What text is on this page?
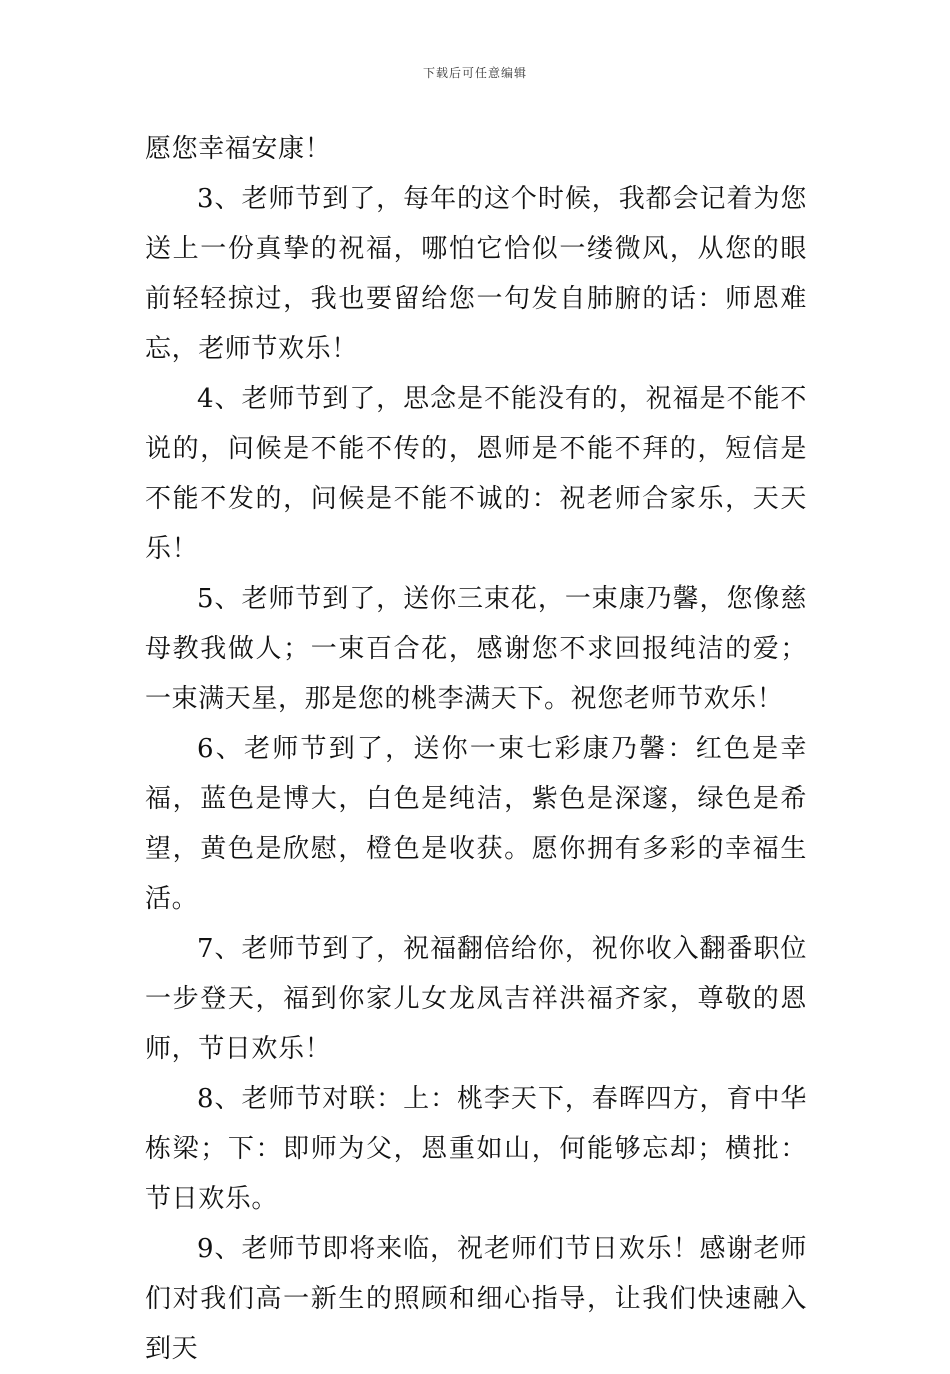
下载后可任意编辑

愿您幸福安康！

3、老师节到了，每年的这个时候，我都会记着为您送上一份真挚的祝福，哪怕它恰似一缕微风，从您的眼前轻轻掠过，我也要留给您一句发自肺腑的话：师恩难忘，老师节欢乐！

4、老师节到了，思念是不能没有的，祝福是不能不说的，问候是不能不传的，恩师是不能不拜的，短信是不能不发的，问候是不能不诚的：祝老师合家乐，天天乐！

5、老师节到了，送你三束花，一束康乃馨，您像慈母教我做人；一束百合花，感谢您不求回报纯洁的爱；一束满天星，那是您的桃李满天下。祝您老师节欢乐！

6、老师节到了，送你一束七彩康乃馨：红色是幸福，蓝色是博大，白色是纯洁，紫色是深邃，绿色是希望，黄色是欣慰，橙色是收获。愿你拥有多彩的幸福生活。

7、老师节到了，祝福翻倍给你，祝你收入翻番职位一步登天，福到你家儿女龙凤吉祥洪福齐家，尊敬的恩师，节日欢乐！

8、老师节对联：上：桃李天下，春晖四方，育中华栋梁；下：即师为父，恩重如山，何能够忘却；横批：节日欢乐。

9、老师节即将来临，祝老师们节日欢乐！感谢老师们对我们高一新生的照顾和细心指导，让我们快速融入到天
